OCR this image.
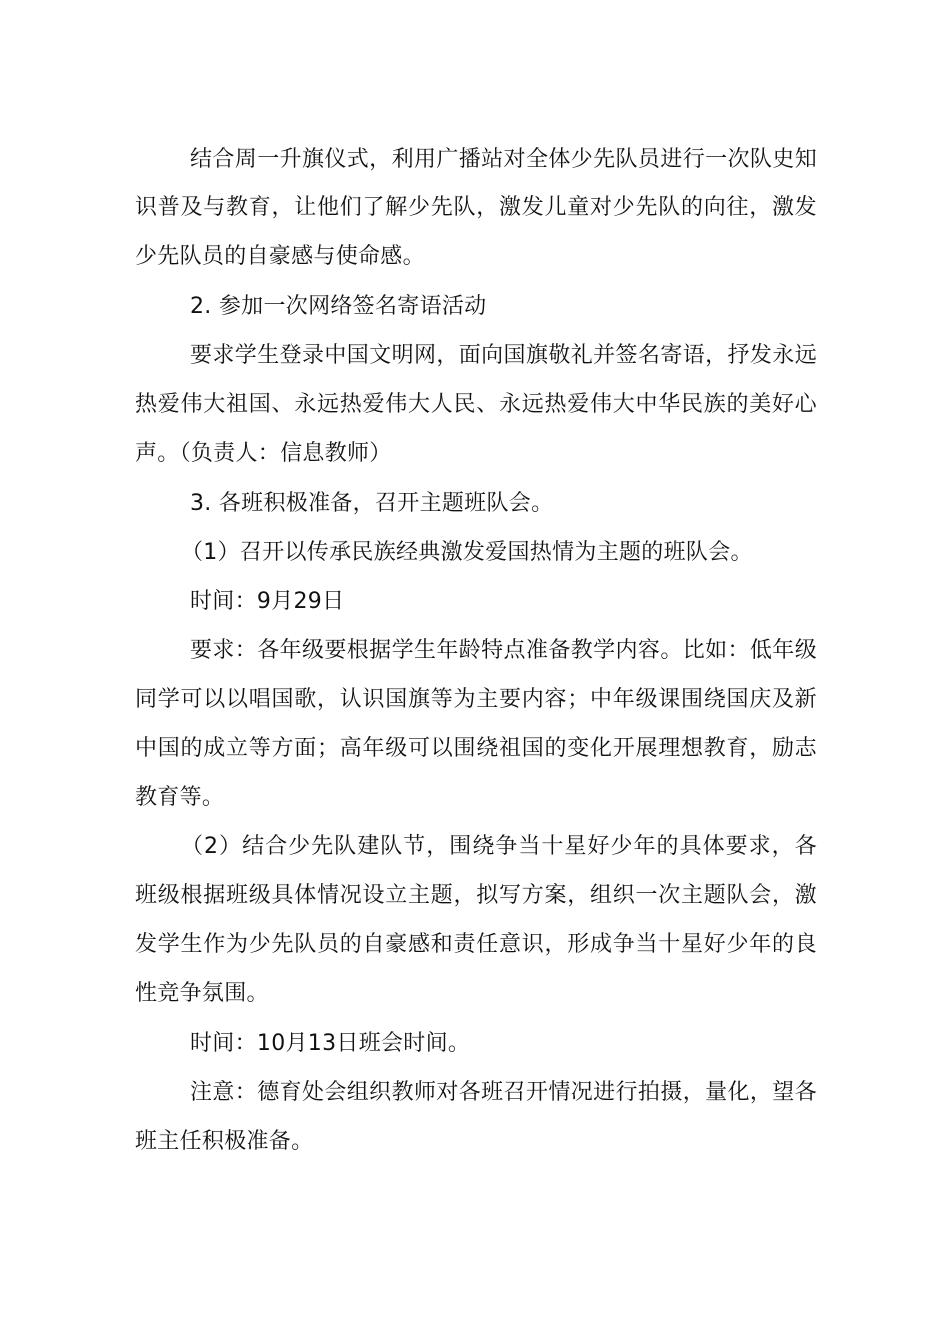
结合周一升旗仪式，利用广播站对全体少先队员进行一次队史知
识普及与教育，让他们了解少先队，激发儿童对少先队的向往，激发
少先队员的自豪感与使命感。
2. 参加一次网络签名寄语活动
要求学生登录中国文明网，面向国旗敬礼并签名寄语，抒发永远
热爱伟大祖国、永远热爱伟大人民、永远热爱伟大中华民族的美好心
声。（负责人：信息教师）
3. 各班积极准备，召开主题班队会。
（1）召开以传承民族经典激发爱国热情为主题的班队会。
时间：9月29日
要求：各年级要根据学生年龄特点准备教学内容。比如：低年级
同学可以以唱国歌，认识国旗等为主要内容；中年级课围绕国庆及新
中国的成立等方面；高年级可以围绕祖国的变化开展理想教育，励志
教育等。
（2）结合少先队建队节，围绕争当十星好少年的具体要求，各
班级根据班级具体情况设立主题，拟写方案，组织一次主题队会，激
发学生作为少先队员的自豪感和责任意识，形成争当十星好少年的良
性竞争氛围。
时间：10月13日班会时间。
注意：德育处会组织教师对各班召开情况进行拍摄，量化，望各
班主任积极准备。
